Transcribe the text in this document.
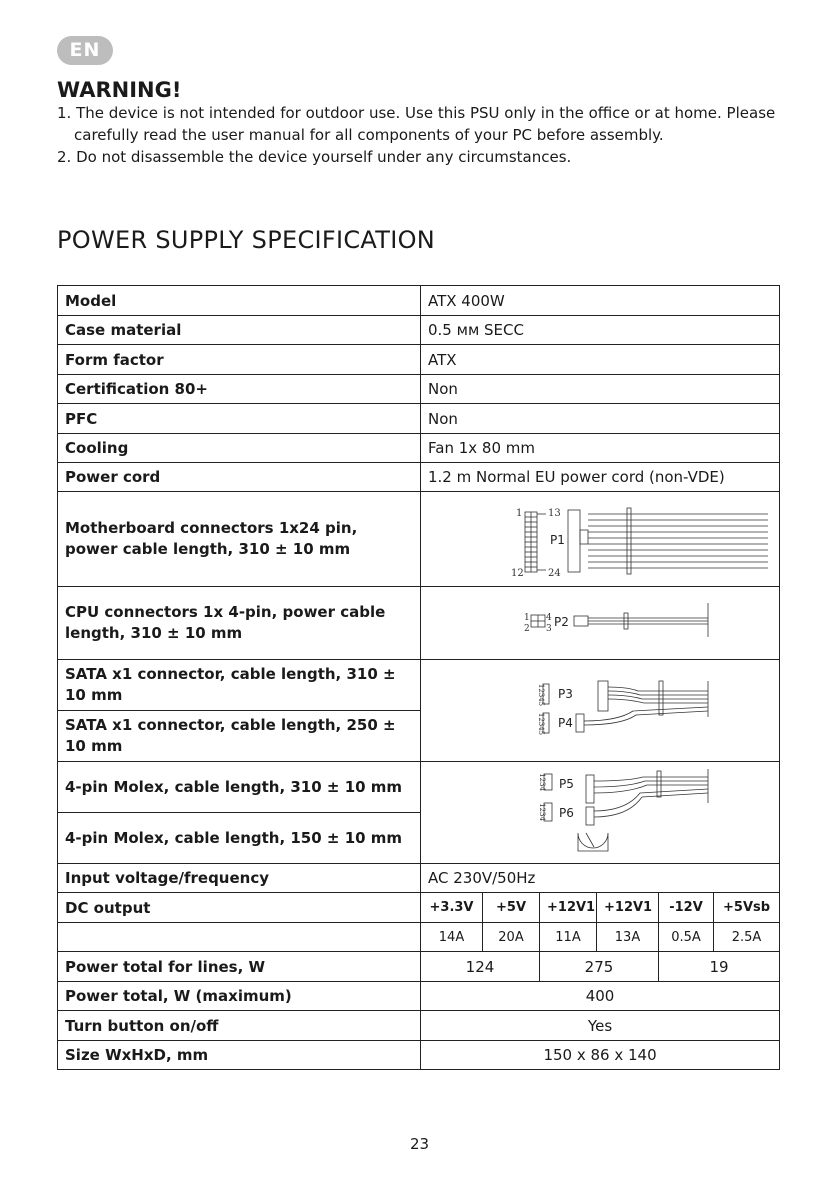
EN
WARNING!

1. The device is not intended for outdoor use. Use this PSU only in the office or at home. Please carefully read the user manual for all components of your PC before assembly.

2. Do not disassemble the device yourself under any circumstances.

POWER SUPPLY SPECIFICATION
Model	ATX 400W					
Case material	0.5 мм SECC					
Form factor	ATX					
Certification 80+	Non					
PFC	Non					
Cooling	Fan 1x 80 mm					
Power cord	1.2 m Normal EU power cord (non-VDE)					
Motherboard connectors 1x24 pin, power cable length, 310 ± 10 mm	1 13
12 24
P1					

CPU connectors 1x 4-pin, power cable length, 310 ± 10 mm	1
2
4
3 P2					

SATA x1 connector, cable length, 310 ± 10 mm	12345
12345
P3
P4					

SATA x1 connector, cable length, 250 ± 10 mm						
4-pin Molex, cable length, 310 ± 10 mm	1234
1234
P5
P6					

4-pin Molex, cable length, 150 ± 10 mm						
Input voltage/frequency	AC 230V/50Hz					
DC output	+3.3V	+5V	+12V1	+12V1	-12V	+5Vsb
	14A	20A	11A	13A	0.5A	2.5A
Power total for lines, W	124		275		19	
Power total, W (maximum)	400					
Turn button on/off	Yes					
Size WxHxD, mm	150 x 86 x 140					
23
